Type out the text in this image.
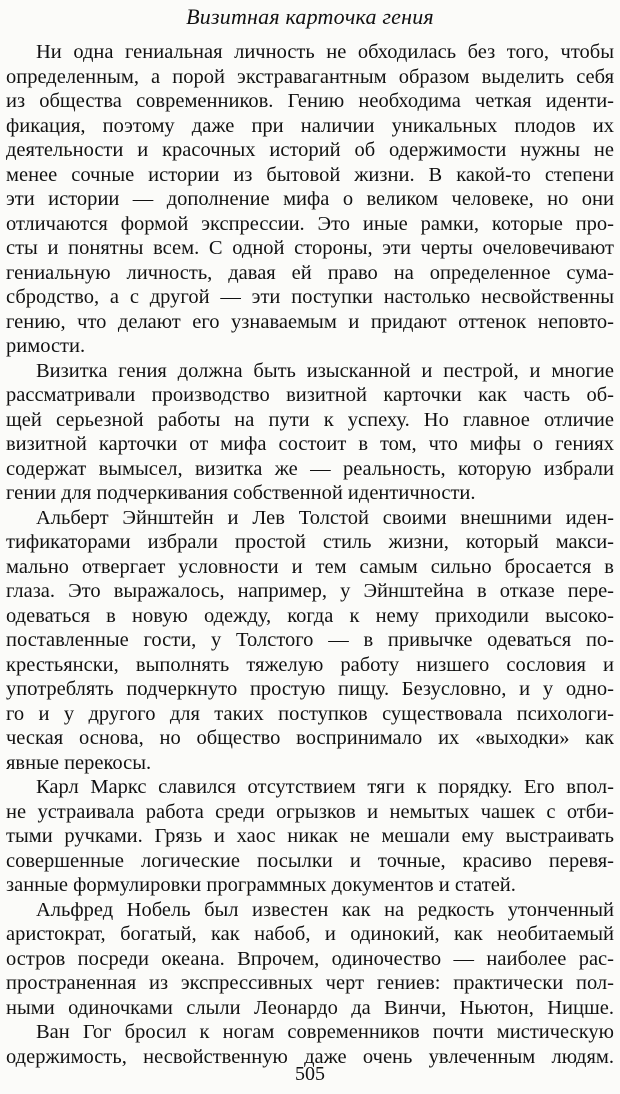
Визитная картoчка гения
Ни одна гениальная личность не обходилась без того, чтобы
определенным, а порой экстравагантным образом выделить себя
из общества современников. Гению необходима четкая иденти-
фикация, поэтому даже при наличии уникальных плодов их
деятельности и красочных историй об одержимости нужны не
менее сочные истории из бытовой жизни. В какой-то степени
эти истории — дополнение мифа о великом человеке, но они
отличаются формой экспрессии. Это иные рамки, которые про-
сты и понятны всем. С одной стороны, эти черты очеловечивают
гениальную личность, давая ей право на определенное сума-
сбродство, а с другой — эти поступки настолько несвойственны
гению, что делают его узнаваемым и придают оттенок неповто-
римости.
Визитка гения должна быть изысканной и пестрой, и многие
рассматривали производство визитной карточки как часть об-
щей серьезной работы на пути к успеху. Но главное отличие
визитной карточки от мифа состоит в том, что мифы о гениях
содержат вымысел, визитка же — реальность, которую избрали
гении для подчеркивания собственной идентичности.
Альберт Эйнштейн и Лев Толстой своими внешними иден-
тификаторами избрали простой стиль жизни, который макси-
мально отвергает условности и тем самым сильно бросается в
глаза. Это выражалось, например, у Эйнштейна в отказе пере-
одеваться в новую одежду, когда к нему приходили высоко-
поставленные гости, у Толстого — в привычке одеваться по-
крестьянски, выполнять тяжелую работу низшего сословия и
употреблять подчеркнуто простую пищу. Безусловно, и у одно-
го и у другого для таких поступков существовала психологи-
ческая основа, но общество воспринимало их «выходки» как
явные перекосы.
Карл Маркс славился отсутствием тяги к порядку. Его впол-
не устраивала работа среди огрызков и немытых чашек с отби-
тыми ручками. Грязь и хаос никак не мешали ему выстраивать
совершенные логические посылки и точные, красиво перевя-
занные формулировки программных документов и статей.
Альфред Нобель был известен как на редкость утонченный
аристократ, богатый, как набоб, и одинокий, как необитаемый
остров посреди океана. Впрочем, одиночество — наиболее рас-
пространенная из экспрессивных черт гениев: практически пол-
ными одиночками слыли Леонардо да Винчи, Ньютон, Ницше.
Ван Гог бросил к ногам современников почти мистическую
одержимость, несвойственную даже очень увлеченным людям.
505
